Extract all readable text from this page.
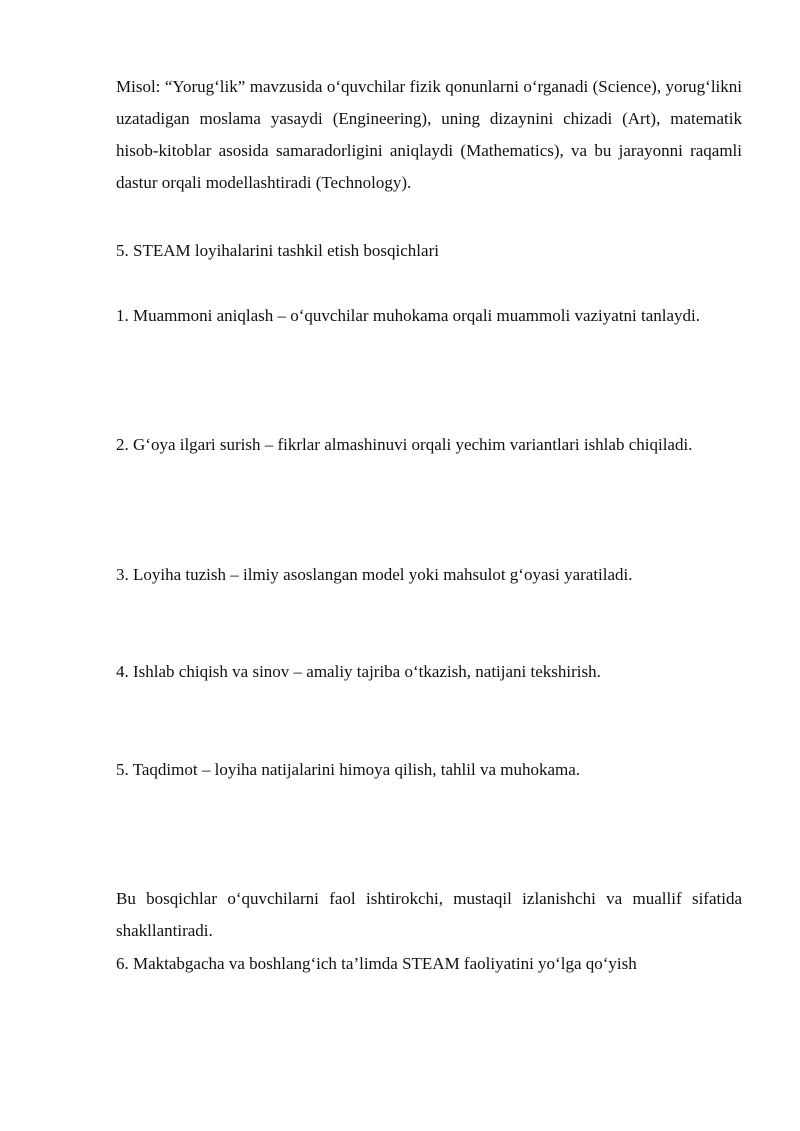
Misol: “Yorug‘lik” mavzusida o‘quvchilar fizik qonunlarni o‘rganadi (Science), yorug‘likni uzatadigan moslama yasaydi (Engineering), uning dizaynini chizadi (Art), matematik hisob-kitoblar asosida samaradorligini aniqlaydi (Mathematics), va bu jarayonni raqamli dastur orqali modellashtiradi (Technology).

5. STEAM loyihalarini tashkil etish bosqichlari

1. Muammoni aniqlash – o‘quvchilar muhokama orqali muammoli vaziyatni tanlaydi.

2. G‘oya ilgari surish – fikrlar almashinuvi orqali yechim variantlari ishlab chiqiladi.

3. Loyiha tuzish – ilmiy asoslangan model yoki mahsulot g‘oyasi yaratiladi.

4. Ishlab chiqish va sinov – amaliy tajriba o‘tkazish, natijani tekshirish.

5. Taqdimot – loyiha natijalarini himoya qilish, tahlil va muhokama.

Bu bosqichlar o‘quvchilarni faol ishtirokchi, mustaqil izlanishchi va muallif sifatida shakllantiradi.

6. Maktabgacha va boshlang‘ich ta’limda STEAM faoliyatini yo‘lga qo‘yish
